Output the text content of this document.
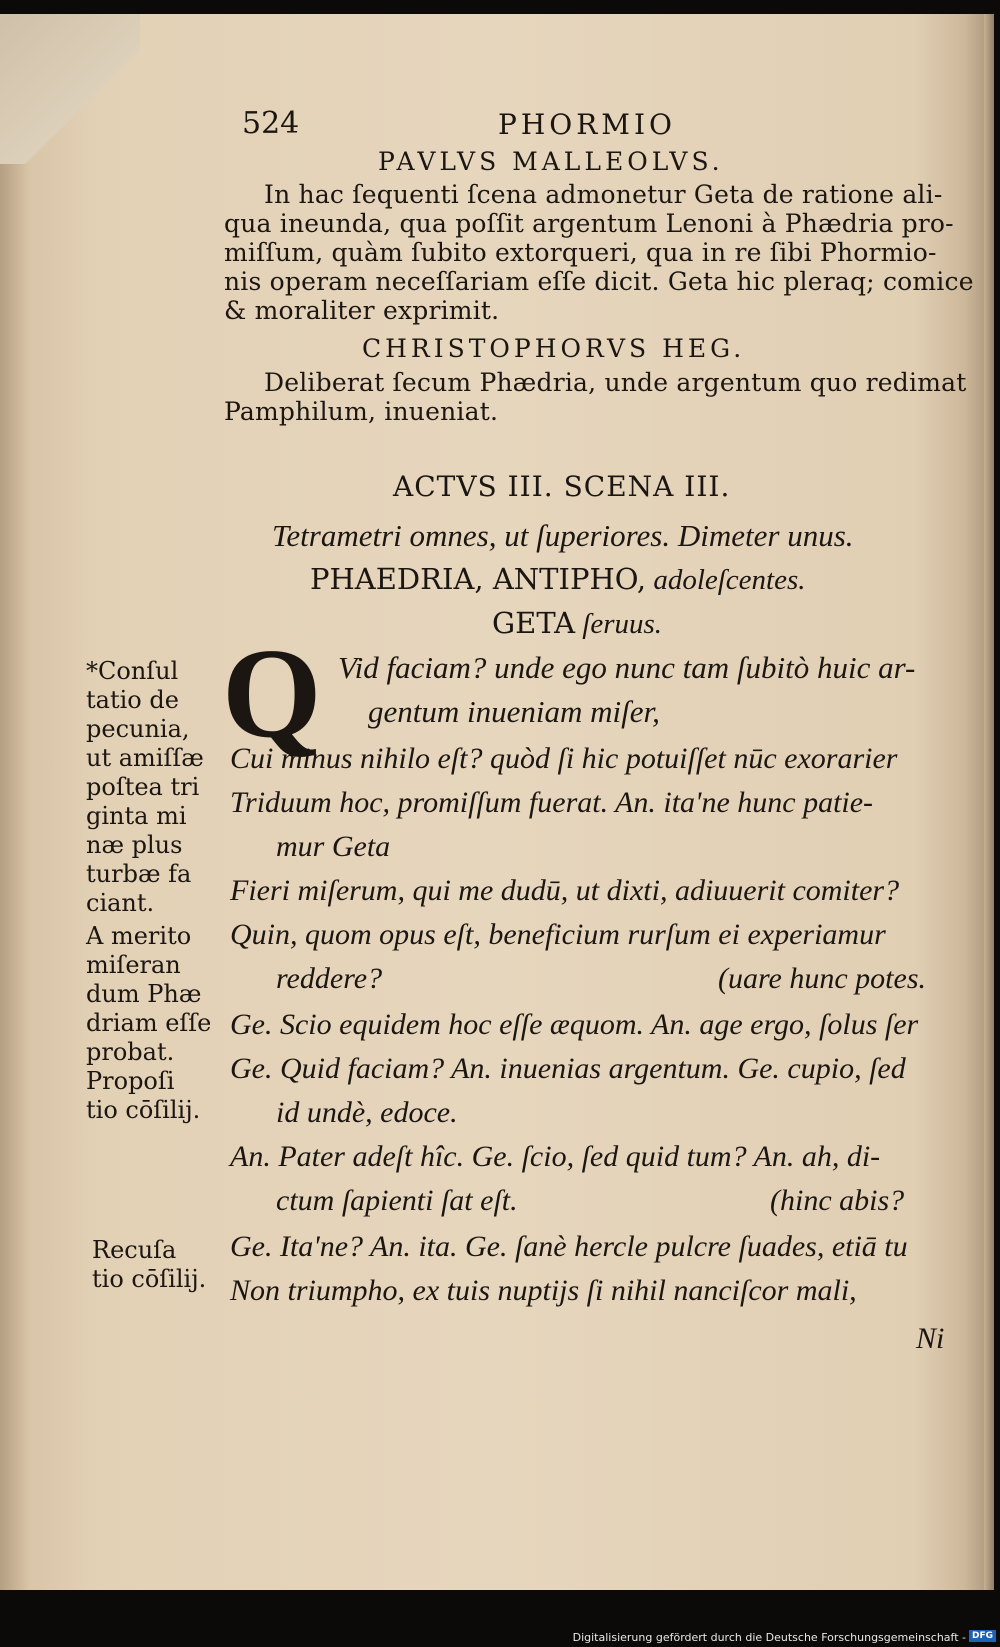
524	PHORMIO
PAVLVS MALLEOLVS.
In hac ſequenti ſcena admonetur Geta de ratione ali-
qua ineunda, qua poſſit argentum Lenoni à Phædria pro-
miſſum, quàm ſubito extorqueri, qua in re ſibi Phormio-
nis operam neceſſariam eſſe dicit. Geta hic pleraq; comice
& moraliter exprimit.
CHRISTOPHORVS HEG.
Deliberat ſecum Phædria, unde argentum quo redimat
Pamphilum, inueniat.
ACTVS III. SCENA III.
Tetrametri omnes, ut ſuperiores. Dimeter unus.
PHAEDRIA, ANTIPHO, adoleſcentes.
GETA ſeruus.
Q Vid faciam? unde ego nunc tam ſubitò huic ar-
gentum inueniam miſer,
Cui minus nihilo eſt? quòd ſi hic potuiſſet nūc exorarier
Triduum hoc, promiſſum fuerat. An. ita'ne hunc patie-
mur Geta
Fieri miſerum, qui me dudū, ut dixti, adiuuerit comiter?
Quin, quom opus eſt, beneficium rurſum ei experiamur
reddere?	(uare hunc potes.
Ge. Scio equidem hoc eſſe æquom. An. age ergo, ſolus ſer
Ge. Quid faciam? An. inuenias argentum. Ge. cupio, ſed
id undè, edoce.
An. Pater adeſt hîc. Ge. ſcio, ſed quid tum? An. ah, di-
ctum ſapienti ſat eſt.	(hinc abis?
Ge. Ita'ne? An. ita. Ge. ſanè hercle pulcre ſuades, etiā tu
Non triumpho, ex tuis nuptijs ſi nihil nanciſcor mali,
Ni
*Conſul
tatio de
pecunia,
ut amiſſæ
poſtea tri
ginta mi
næ plus
turbæ fa
ciant.
A merito
miſeran
dum Phæ
driam eſſe
probat.
Propoſi
tio cōſilij.
Recuſa
tio cōſilij.
Digitalisierung gefördert durch die Deutsche Forschungsgemeinschaft - DFG
